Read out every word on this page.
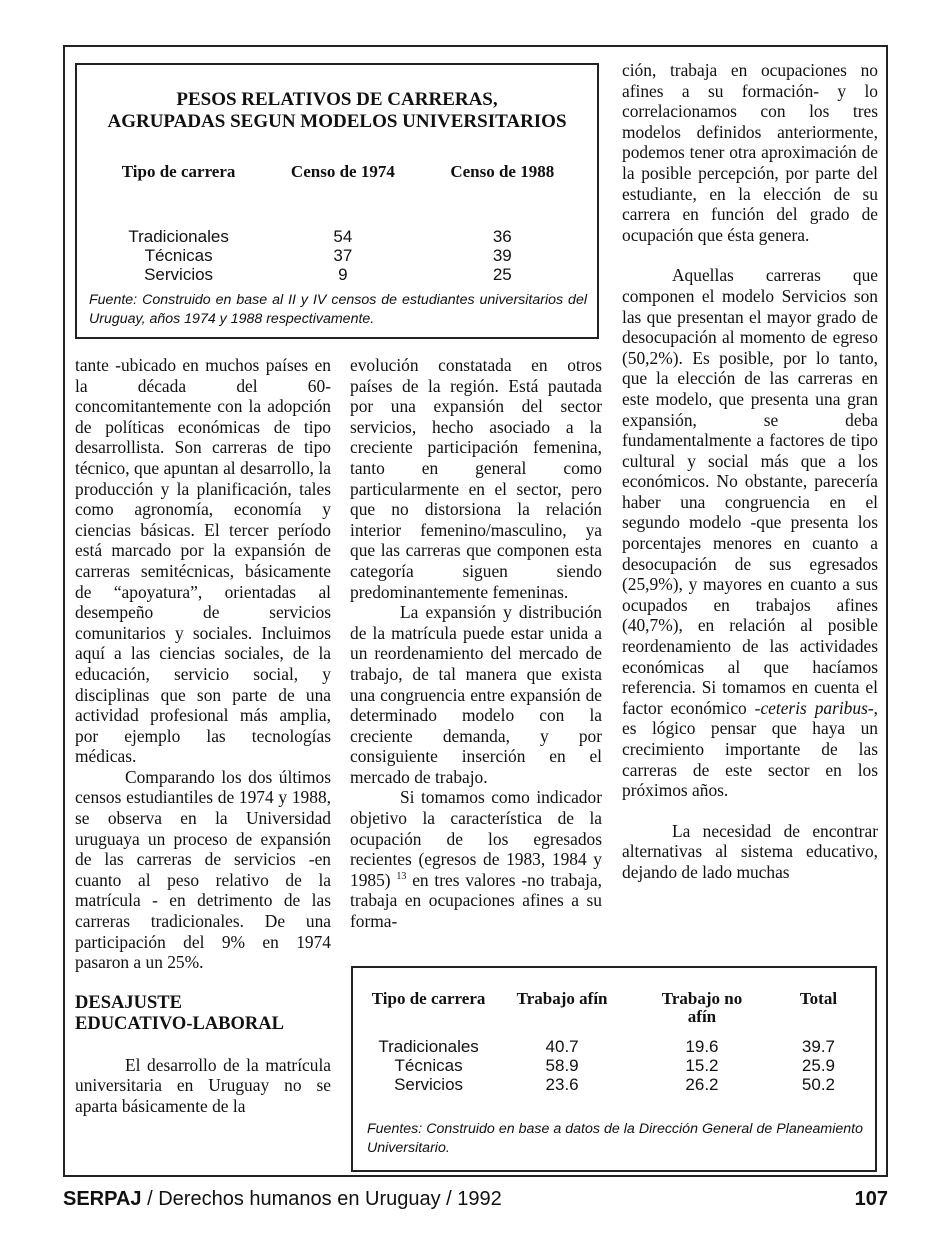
PESOS RELATIVOS DE CARRERAS,
AGRUPADAS SEGUN MODELOS UNIVERSITARIOS
Tipo de carrera	Censo de 1974	Censo de 1988

Tradicionales	54	36
Técnicas	37	39
Servicios	9	25
Fuente: Construido en base al II y IV censos de estudiantes universitarios del Uruguay, años 1974 y 1988 respectivamente.

ción, trabaja en ocupaciones no afines a su formación- y lo correlacionamos con los tres modelos definidos anteriormente, podemos tener otra aproximación de la posible percepción, por parte del estudiante, en la elección de su carrera en función del grado de ocupación que ésta genera.

Aquellas carreras que componen el modelo Servicios son las que presentan el mayor grado de desocupación al momento de egreso (50,2%). Es posible, por lo tanto, que la elección de las carreras en este modelo, que presenta una gran expansión, se deba fundamentalmente a factores de tipo cultural y social más que a los económicos. No obstante, parecería haber una congruencia en el segundo modelo -que presenta los porcentajes menores en cuanto a desocupación de sus egresados (25,9%), y mayores en cuanto a sus ocupados en trabajos afines (40,7%), en relación al posible reordenamiento de las actividades económicas al que hacíamos referencia. Si tomamos en cuenta el factor económico -ceteris paribus-, es lógico pensar que haya un crecimiento importante de las carreras de este sector en los próximos años.

La necesidad de encontrar alternativas al sistema educativo, dejando de lado muchas

tante -ubicado en muchos países en la década del 60- concomitantemente con la adopción de políticas económicas de tipo desarrollista. Son carreras de tipo técnico, que apuntan al desarrollo, la producción y la planificación, tales como agronomía, economía y ciencias básicas. El tercer período está marcado por la expansión de carreras semitécnicas, básicamente de “apoyatura”, orientadas al desempeño de servicios comunitarios y sociales. Incluimos aquí a las ciencias sociales, de la educación, servicio social, y disciplinas que son parte de una actividad profesional más amplia, por ejemplo las tecnologías médicas.

Comparando los dos últimos censos estudiantiles de 1974 y 1988, se observa en la Universidad uruguaya un proceso de expansión de las carreras de servicios -en cuanto al peso relativo de la matrícula - en detrimento de las carreras tradicionales. De una participación del 9% en 1974 pasaron a un 25%.

DESAJUSTE
EDUCATIVO-LABORAL

El desarrollo de la matrícula universitaria en Uruguay no se aparta básicamente de la

evolución constatada en otros países de la región. Está pautada por una expansión del sector servicios, hecho asociado a la creciente participación femenina, tanto en general como particularmente en el sector, pero que no distorsiona la relación interior femenino/masculino, ya que las carreras que componen esta categoría siguen siendo predominantemente femeninas.

La expansión y distribución de la matrícula puede estar unida a un reordenamiento del mercado de trabajo, de tal manera que exista una congruencia entre expansión de determinado modelo con la creciente demanda, y por consiguiente inserción en el mercado de trabajo.

Si tomamos como indicador objetivo la característica de la ocupación de los egresados recientes (egresos de 1983, 1984 y 1985) $^{13}$ en tres valores -no trabaja, trabaja en ocupaciones afines a su forma-

Tipo de carrera	Trabajo afín	Trabajo no afín	Total
Tradicionales	40.7	19.6	39.7
Técnicas	58.9	15.2	25.9
Servicios	23.6	26.2	50.2
Fuentes: Construido en base a datos de la Dirección General de Planeamiento Universitario.
SERPAJ / Derechos humanos en Uruguay / 1992	107
